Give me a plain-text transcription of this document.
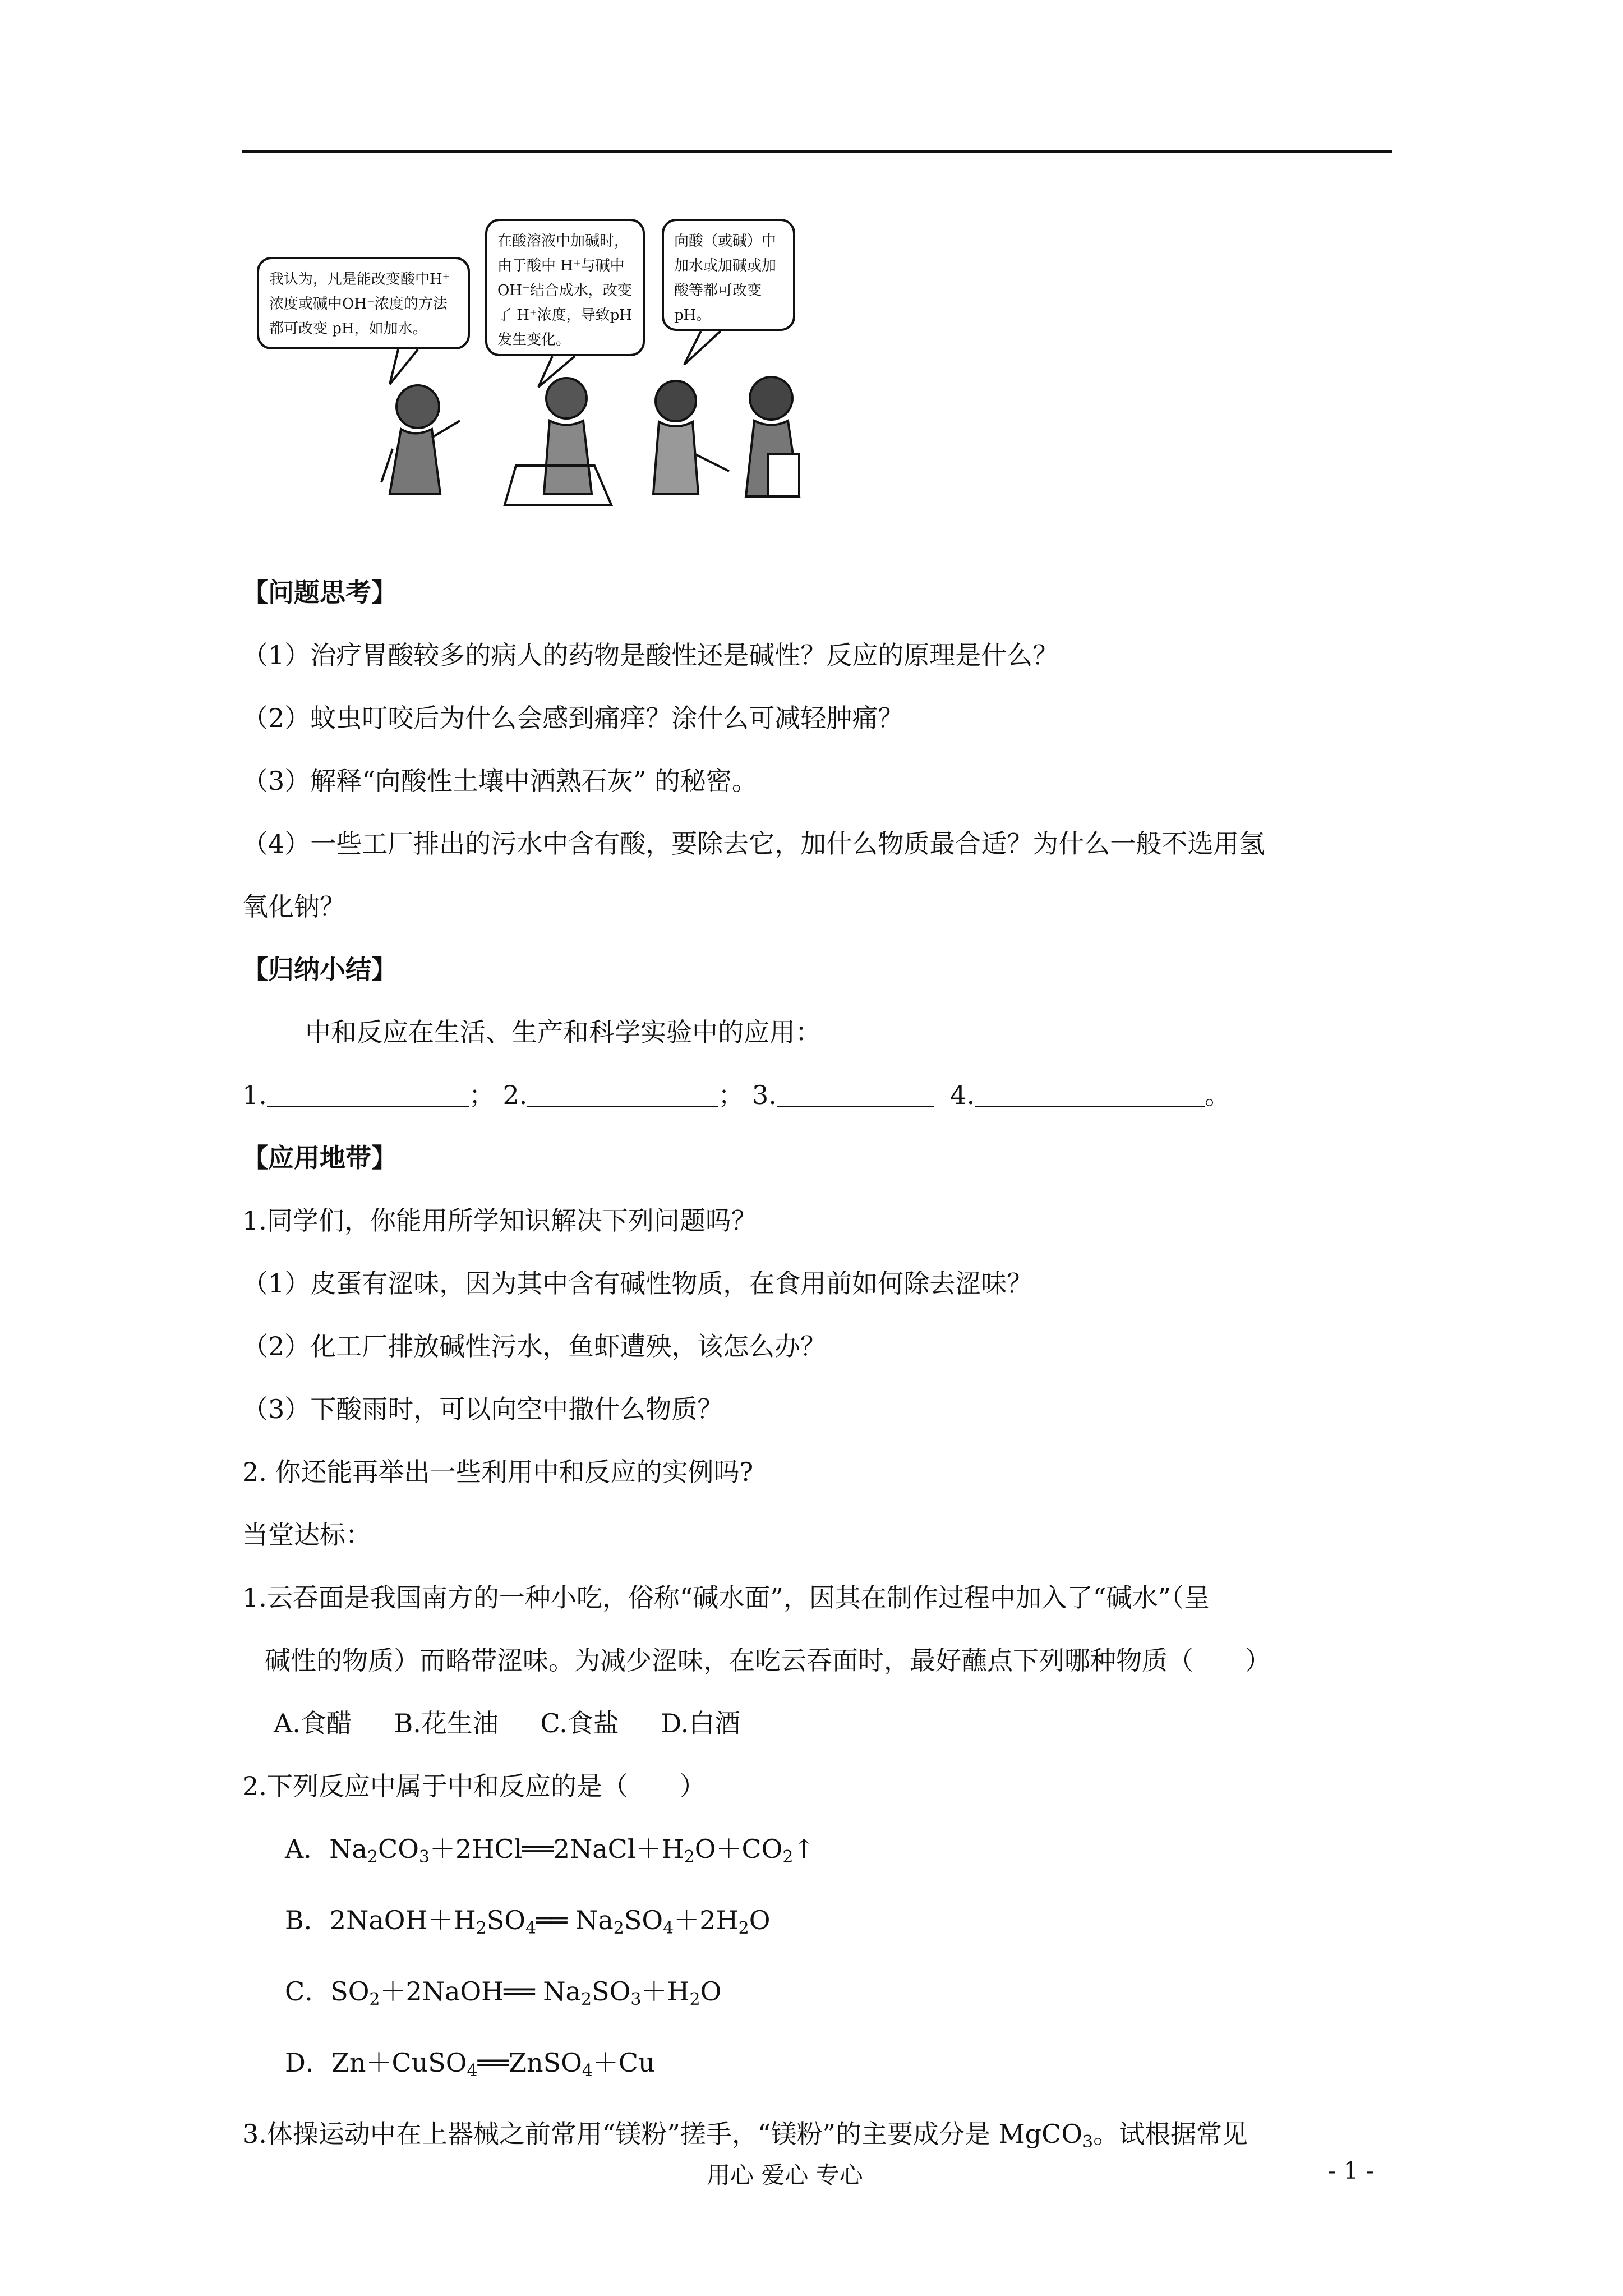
我认为，凡是能改变酸中H⁺浓度或碱中OH⁻浓度的方法都可改变 pH，如加水。
在酸溶液中加碱时，由于酸中 H⁺与碱中 OH⁻结合成水，改变了 H⁺浓度，导致pH 发生变化。
向酸（或碱）中加水或加碱或加酸等都可改变 pH。
【问题思考】
（1）治疗胃酸较多的病人的药物是酸性还是碱性？反应的原理是什么？
（2）蚊虫叮咬后为什么会感到痛痒？涂什么可减轻肿痛？
（3）解释“向酸性土壤中洒熟石灰” 的秘密。
（4）一些工厂排出的污水中含有酸，要除去它，加什么物质最合适？为什么一般不选用氢
氧化钠？
【归纳小结】
中和反应在生活、生产和科学实验中的应用：
1.	； 2.	； 3.	4.	。
【应用地带】
1.同学们，你能用所学知识解决下列问题吗？
（1）皮蛋有涩味，因为其中含有碱性物质，在食用前如何除去涩味？
（2）化工厂排放碱性污水，鱼虾遭殃，该怎么办？
（3）下酸雨时，可以向空中撒什么物质？
2. 你还能再举出一些利用中和反应的实例吗?
当堂达标：
1.云吞面是我国南方的一种小吃，俗称“碱水面”，因其在制作过程中加入了“碱水”（呈
碱性的物质）而略带涩味。为减少涩味，在吃云吞面时，最好蘸点下列哪种物质（　　）
A.食醋 B.花生油 C.食盐 D.白酒
2.下列反应中属于中和反应的是（　　）
A．$Na_2CO_3+2HCl══2NaCl+H_2O+CO_2↑$
B．$2NaOH+H_2SO_4══$ $Na_2SO_4+2H_2O$
C．$SO_2+2NaOH══$ $Na_2SO_3+H_2O$
D．Zn＋CuSO$_4$══ZnSO$_4$＋Cu
3.体操运动中在上器械之前常用“镁粉”搓手，“镁粉”的主要成分是 MgCO$_3$。试根据常见
用心 爱心 专心	- 1 -
